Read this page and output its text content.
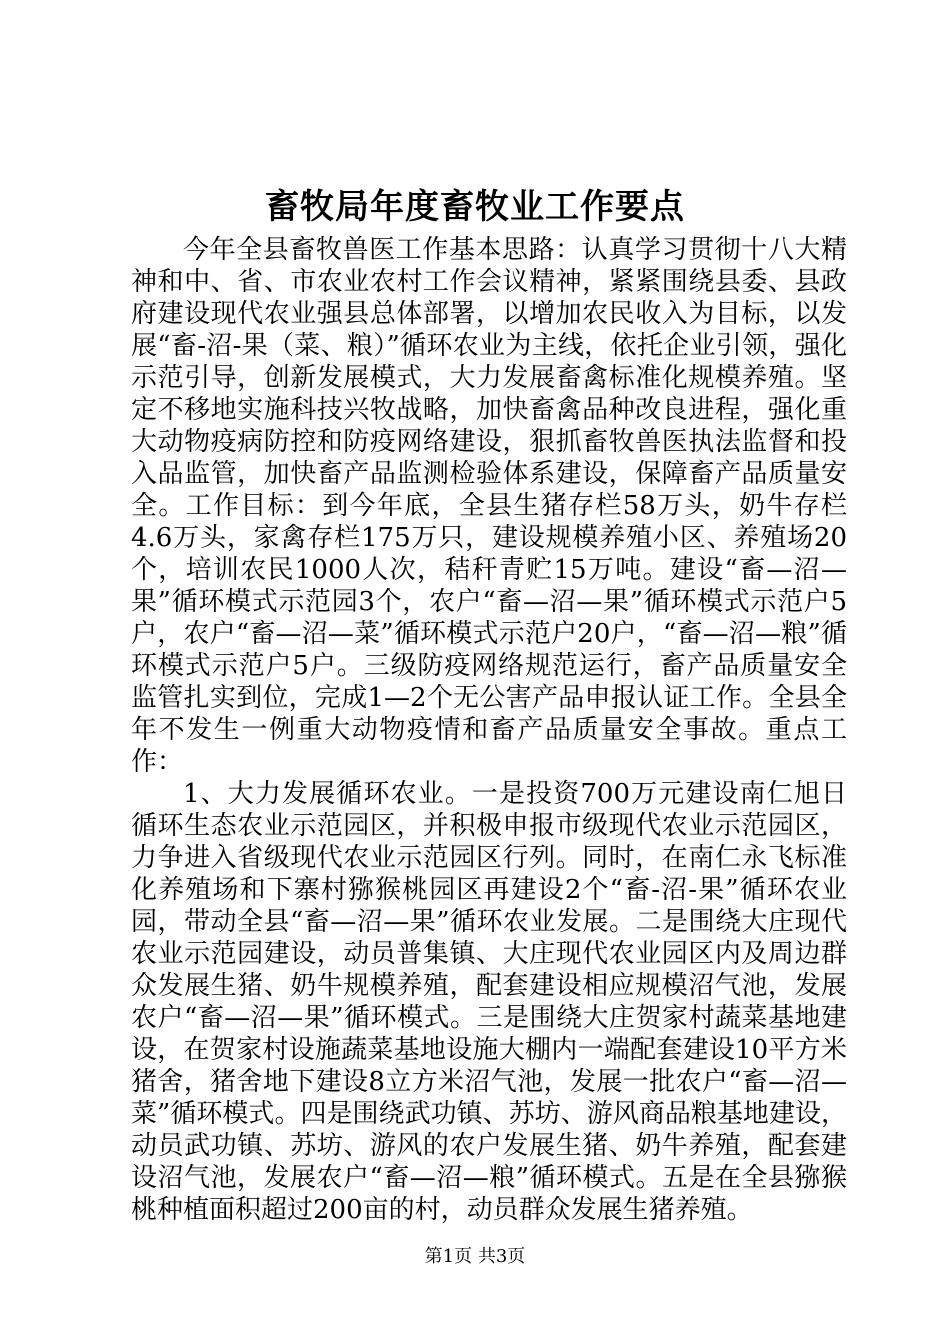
畜牧局年度畜牧业工作要点

今年全县畜牧兽医工作基本思路：认真学习贯彻十八大精神和中、省、市农业农村工作会议精神，紧紧围绕县委、县政府建设现代农业强县总体部署，以增加农民收入为目标，以发展“畜-沼-果（菜、粮）”循环农业为主线，依托企业引领，强化示范引导，创新发展模式，大力发展畜禽标准化规模养殖。坚定不移地实施科技兴牧战略，加快畜禽品种改良进程，强化重大动物疫病防控和防疫网络建设，狠抓畜牧兽医执法监督和投入品监管，加快畜产品监测检验体系建设，保障畜产品质量安全。工作目标：到今年底，全县生猪存栏58万头，奶牛存栏4.6万头，家禽存栏175万只，建设规模养殖小区、养殖场20个，培训农民1000人次，秸秆青贮15万吨。建设“畜—沼—果”循环模式示范园3个，农户“畜—沼—果”循环模式示范户5户，农户“畜—沼—菜”循环模式示范户20户，“畜—沼—粮”循环模式示范户5户。三级防疫网络规范运行，畜产品质量安全监管扎实到位，完成1—2个无公害产品申报认证工作。全县全年不发生一例重大动物疫情和畜产品质量安全事故。重点工作：

1、大力发展循环农业。一是投资700万元建设南仁旭日循环生态农业示范园区，并积极申报市级现代农业示范园区，力争进入省级现代农业示范园区行列。同时，在南仁永飞标准化养殖场和下寨村猕猴桃园区再建设2个“畜-沼-果”循环农业园，带动全县“畜—沼—果”循环农业发展。二是围绕大庄现代农业示范园建设，动员普集镇、大庄现代农业园区内及周边群众发展生猪、奶牛规模养殖，配套建设相应规模沼气池，发展农户“畜—沼—果”循环模式。三是围绕大庄贺家村蔬菜基地建设，在贺家村设施蔬菜基地设施大棚内一端配套建设10平方米猪舍，猪舍地下建设8立方米沼气池，发展一批农户“畜—沼—菜”循环模式。四是围绕武功镇、苏坊、游风商品粮基地建设，动员武功镇、苏坊、游风的农户发展生猪、奶牛养殖，配套建设沼气池，发展农户“畜—沼—粮”循环模式。五是在全县猕猴桃种植面积超过200亩的村，动员群众发展生猪养殖。

第1页 共3页
